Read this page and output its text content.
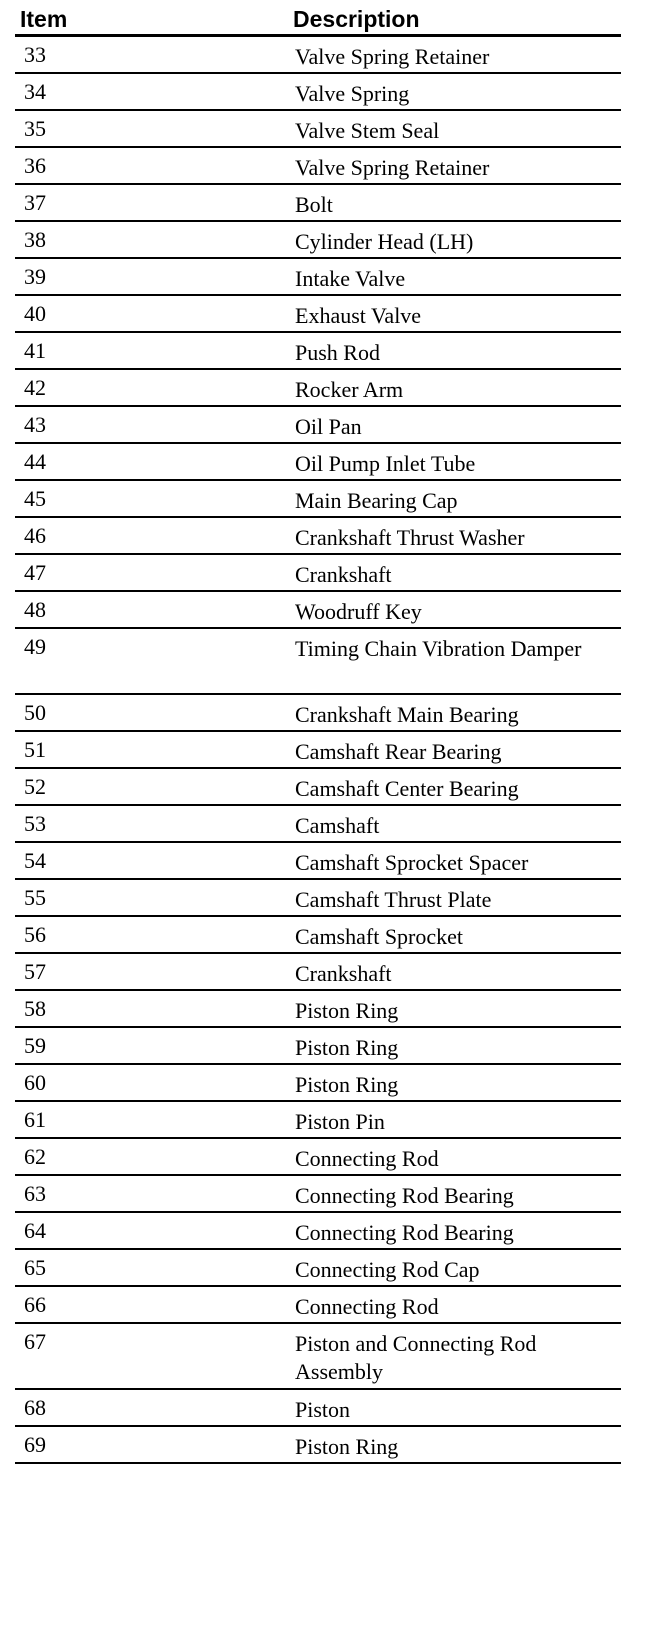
Item	Description
33	Valve Spring Retainer
34	Valve Spring
35	Valve Stem Seal
36	Valve Spring Retainer
37	Bolt
38	Cylinder Head (LH)
39	Intake Valve
40	Exhaust Valve
41	Push Rod
42	Rocker Arm
43	Oil Pan
44	Oil Pump Inlet Tube
45	Main Bearing Cap
46	Crankshaft Thrust Washer
47	Crankshaft
48	Woodruff Key
49	Timing Chain Vibration Damper
50	Crankshaft Main Bearing
51	Camshaft Rear Bearing
52	Camshaft Center Bearing
53	Camshaft
54	Camshaft Sprocket Spacer
55	Camshaft Thrust Plate
56	Camshaft Sprocket
57	Crankshaft
58	Piston Ring
59	Piston Ring
60	Piston Ring
61	Piston Pin
62	Connecting Rod
63	Connecting Rod Bearing
64	Connecting Rod Bearing
65	Connecting Rod Cap
66	Connecting Rod
67	Piston and Connecting Rod Assembly
68	Piston
69	Piston Ring
